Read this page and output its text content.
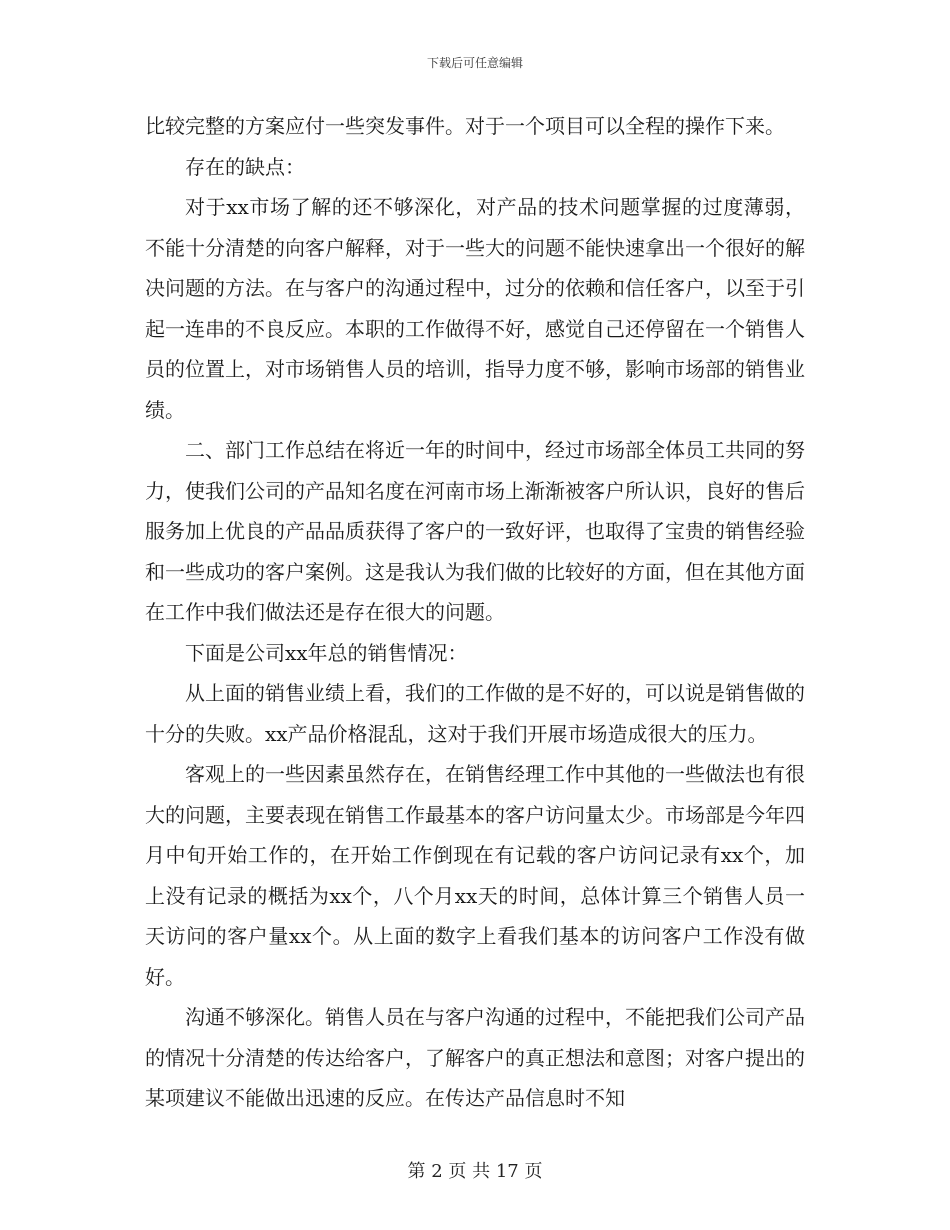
下载后可任意编辑

比较完整的方案应付一些突发事件。对于一个项目可以全程的操作下来。

存在的缺点：

对于xx市场了解的还不够深化，对产品的技术问题掌握的过度薄弱，不能十分清楚的向客户解释，对于一些大的问题不能快速拿出一个很好的解决问题的方法。在与客户的沟通过程中，过分的依赖和信任客户，以至于引起一连串的不良反应。本职的工作做得不好，感觉自己还停留在一个销售人员的位置上，对市场销售人员的培训，指导力度不够，影响市场部的销售业绩。

二、部门工作总结在将近一年的时间中，经过市场部全体员工共同的努力，使我们公司的产品知名度在河南市场上渐渐被客户所认识，良好的售后服务加上优良的产品品质获得了客户的一致好评，也取得了宝贵的销售经验和一些成功的客户案例。这是我认为我们做的比较好的方面，但在其他方面在工作中我们做法还是存在很大的问题。

下面是公司xx年总的销售情况：

从上面的销售业绩上看，我们的工作做的是不好的，可以说是销售做的十分的失败。xx产品价格混乱，这对于我们开展市场造成很大的压力。

客观上的一些因素虽然存在，在销售经理工作中其他的一些做法也有很大的问题，主要表现在销售工作最基本的客户访问量太少。市场部是今年四月中旬开始工作的，在开始工作倒现在有记载的客户访问记录有xx个，加上没有记录的概括为xx个，八个月xx天的时间，总体计算三个销售人员一天访问的客户量xx个。从上面的数字上看我们基本的访问客户工作没有做好。

沟通不够深化。销售人员在与客户沟通的过程中，不能把我们公司产品的情况十分清楚的传达给客户，了解客户的真正想法和意图；对客户提出的某项建议不能做出迅速的反应。在传达产品信息时不知

第 2 页 共 17 页
